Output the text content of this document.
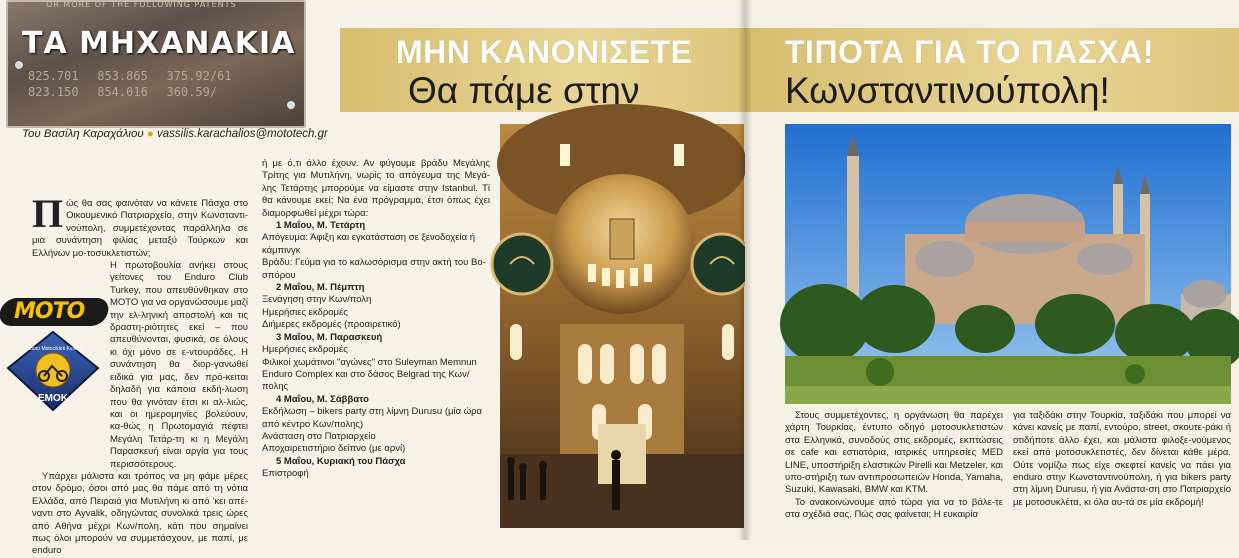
OR MORE OF THE FOLLOWING PATENTS
ΤΑ ΜΗΧΑΝΑΚΙΑ
825.701 853.865 375.92/61
823.150 854.016 360.59/
Του Βασίλη Καραχάλιου ● vassilis.karachalios@mototech.gr
ΜΗΝ ΚΑΝΟΝΙΣΕΤΕ
Θα πάμε στην

Πώς θα σας φαινόταν να κάνετε Πάσχα στο Οικουμενικό Πατριαρχείο, στην Κωνσταντι-νούπολη, συμμετέχοντας παράλληλα σε μια συνάντηση φιλίας μεταξύ Τούρκων και Ελλήνων μο-τοσυκλετιστών;

Η πρωτοβουλία ανήκει στους γείτονες του Enduro Club Turkey, που απευθύνθηκαν στο MOTO για να οργανώσουμε μαζί την ελ-ληνική αποστολή και τις δραστη-ριότητες εκεί – που απευθύνονται, φυσικά, σε όλους κι όχι μόνο σε ε-ντουράδες. Η συνάντηση θα διορ-γανωθεί ειδικά για μας, δεν πρό-κειται δηλαδή για κάποια εκδή-λωση που θα γινόταν έτσι κι αλ-λιώς, και οι ημερομηνίες βολεύουν, κα-θώς η Πρωτομαγιά πέφτει Μεγάλη Τετάρ-τη κι η Μεγάλη Παρασκευή είναι αργία για τους περισσότερους.

Υπάρχει μάλιστα και τρόπος να μη φάμε μέρες στον δρόμο, όσοι από μας θα πάμε από τη νότια Ελλάδα, από Πειραιά για Μυτιλήνη κι από 'κει απέ-ναντι στο Ayvalik, οδηγώντας συνολικά τρεις ώρες από Αθήνα μέχρι Κων/πολη, κάτι που σημαίνει πως όλοι μπορούν να συμμετάσχουν, με παπί, με enduro

MOTO
EMOK
Enduro Motocikleti Kulübü

ή με ό,τι άλλο έχουν. Αν φύγουμε βράδυ Μεγάλης Τρίτης για Μυτιλήνη, νωρίς το απόγευμα της Μεγά-λης Τετάρτης μπορούμε να είμαστε στην Istanbul. Τί θα κάνουμε εκεί; Να ένα πρόγραμμα, έτσι όπως έχει διαμορφωθεί μέχρι τώρα:

1 Μαΐου, Μ. Τετάρτη
Απόγευμα: Άφιξη και εγκατάσταση σε ξενοδοχεία ή κάμπινγκ
Βράδυ: Γεύμα για το καλωσόρισμα στην ακτή του Βο-σπόρου
2 Μαΐου, Μ. Πέμπτη
Ξενάγηση στην Κων/πολη
Ημερήσιες εκδρομές
Διήμερες εκδρομές (προαιρετικό)
3 Μαΐου, Μ. Παρασκευή
Ημερήσιες εκδρομές
Φιλικοί χωμάτινοι "αγώνες" στο Suleyman Memnun Enduro Complex και στο δάσος Belgrad της Κων/πολης
4 Μαΐου, Μ. Σάββατο
Εκδήλωση – bikers party στη λίμνη Durusu (μία ώρα από κέντρο Κων/πολης)
Ανάσταση στο Πατριαρχείο
Αποχαιρετιστήριο δείπνο (με αρνί)
5 Μαΐου, Κυριακή του Πάσχα
Επιστροφή
ΤΙΠΟΤΑ ΓΙΑ ΤΟ ΠΑΣΧΑ!
Κωνσταντινούπολη!

Στους συμμετέχοντες, η οργάνωση θα παρέχει χάρτη Τουρκίας, έντυπο οδηγό μοτοσυκλετιστών στα Ελληνικά, συνοδούς στις εκδρομές, εκπτώσεις σε cafe και εστιατόρια, ιατρικές υπηρεσίες MED LINE, υποστήριξη ελαστικών Pirelli και Metzeler, και υπο-στήριξη των αντιπροσωπειών Honda, Yamaha, Suzuki, Kawasaki, BMW και KTM.

Το ανακοινώνουμε από τώρα για να το βάλε-τε στα σχέδιά σας. Πώς σας φαίνεται; Η ευκαιρία

για ταξιδάκι στην Τουρκία, ταξιδάκι που μπορεί να κάνει κανείς με παπί, εντούρο, street, σκουτε-ράκι ή οτιδήποτε άλλο έχει, και μάλιστα φιλοξε-νούμενος εκεί από μοτοσυκλετιστές, δεν δίνεται κάθε μέρα. Ούτε νομίζω πως είχε σκεφτεί κανείς να πάει για enduro στην Κωνσταντινούπολη, ή για bikers party στη λίμνη Durusu, ή για Ανάστα-ση στο Πατριαρχείο με μοτοσυκλέτα, κι όλα αυ-τά σε μία εκδρομή!
